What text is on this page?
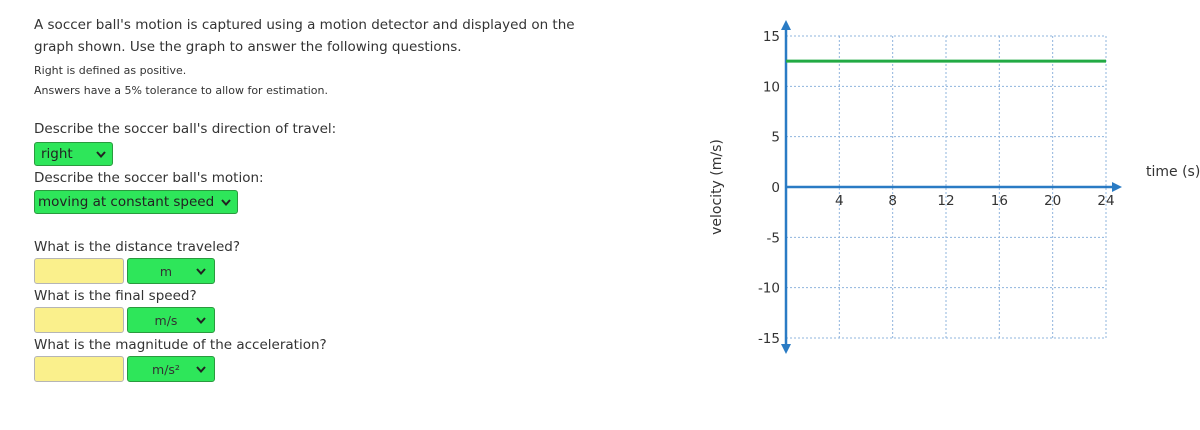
A soccer ball's motion is captured using a motion detector and displayed on the
graph shown. Use the graph to answer the following questions.
Right is defined as positive.
Answers have a 5% tolerance to allow for estimation.
Describe the soccer ball's direction of travel:
right
Describe the soccer ball's motion:
moving at constant speed
What is the distance traveled?
m
What is the final speed?
m/s
What is the magnitude of the acceleration?
m/s²
15
10
5
0
-5
-10
-15
4	8	12	16	20	24
time (s)
velocity (m/s)
